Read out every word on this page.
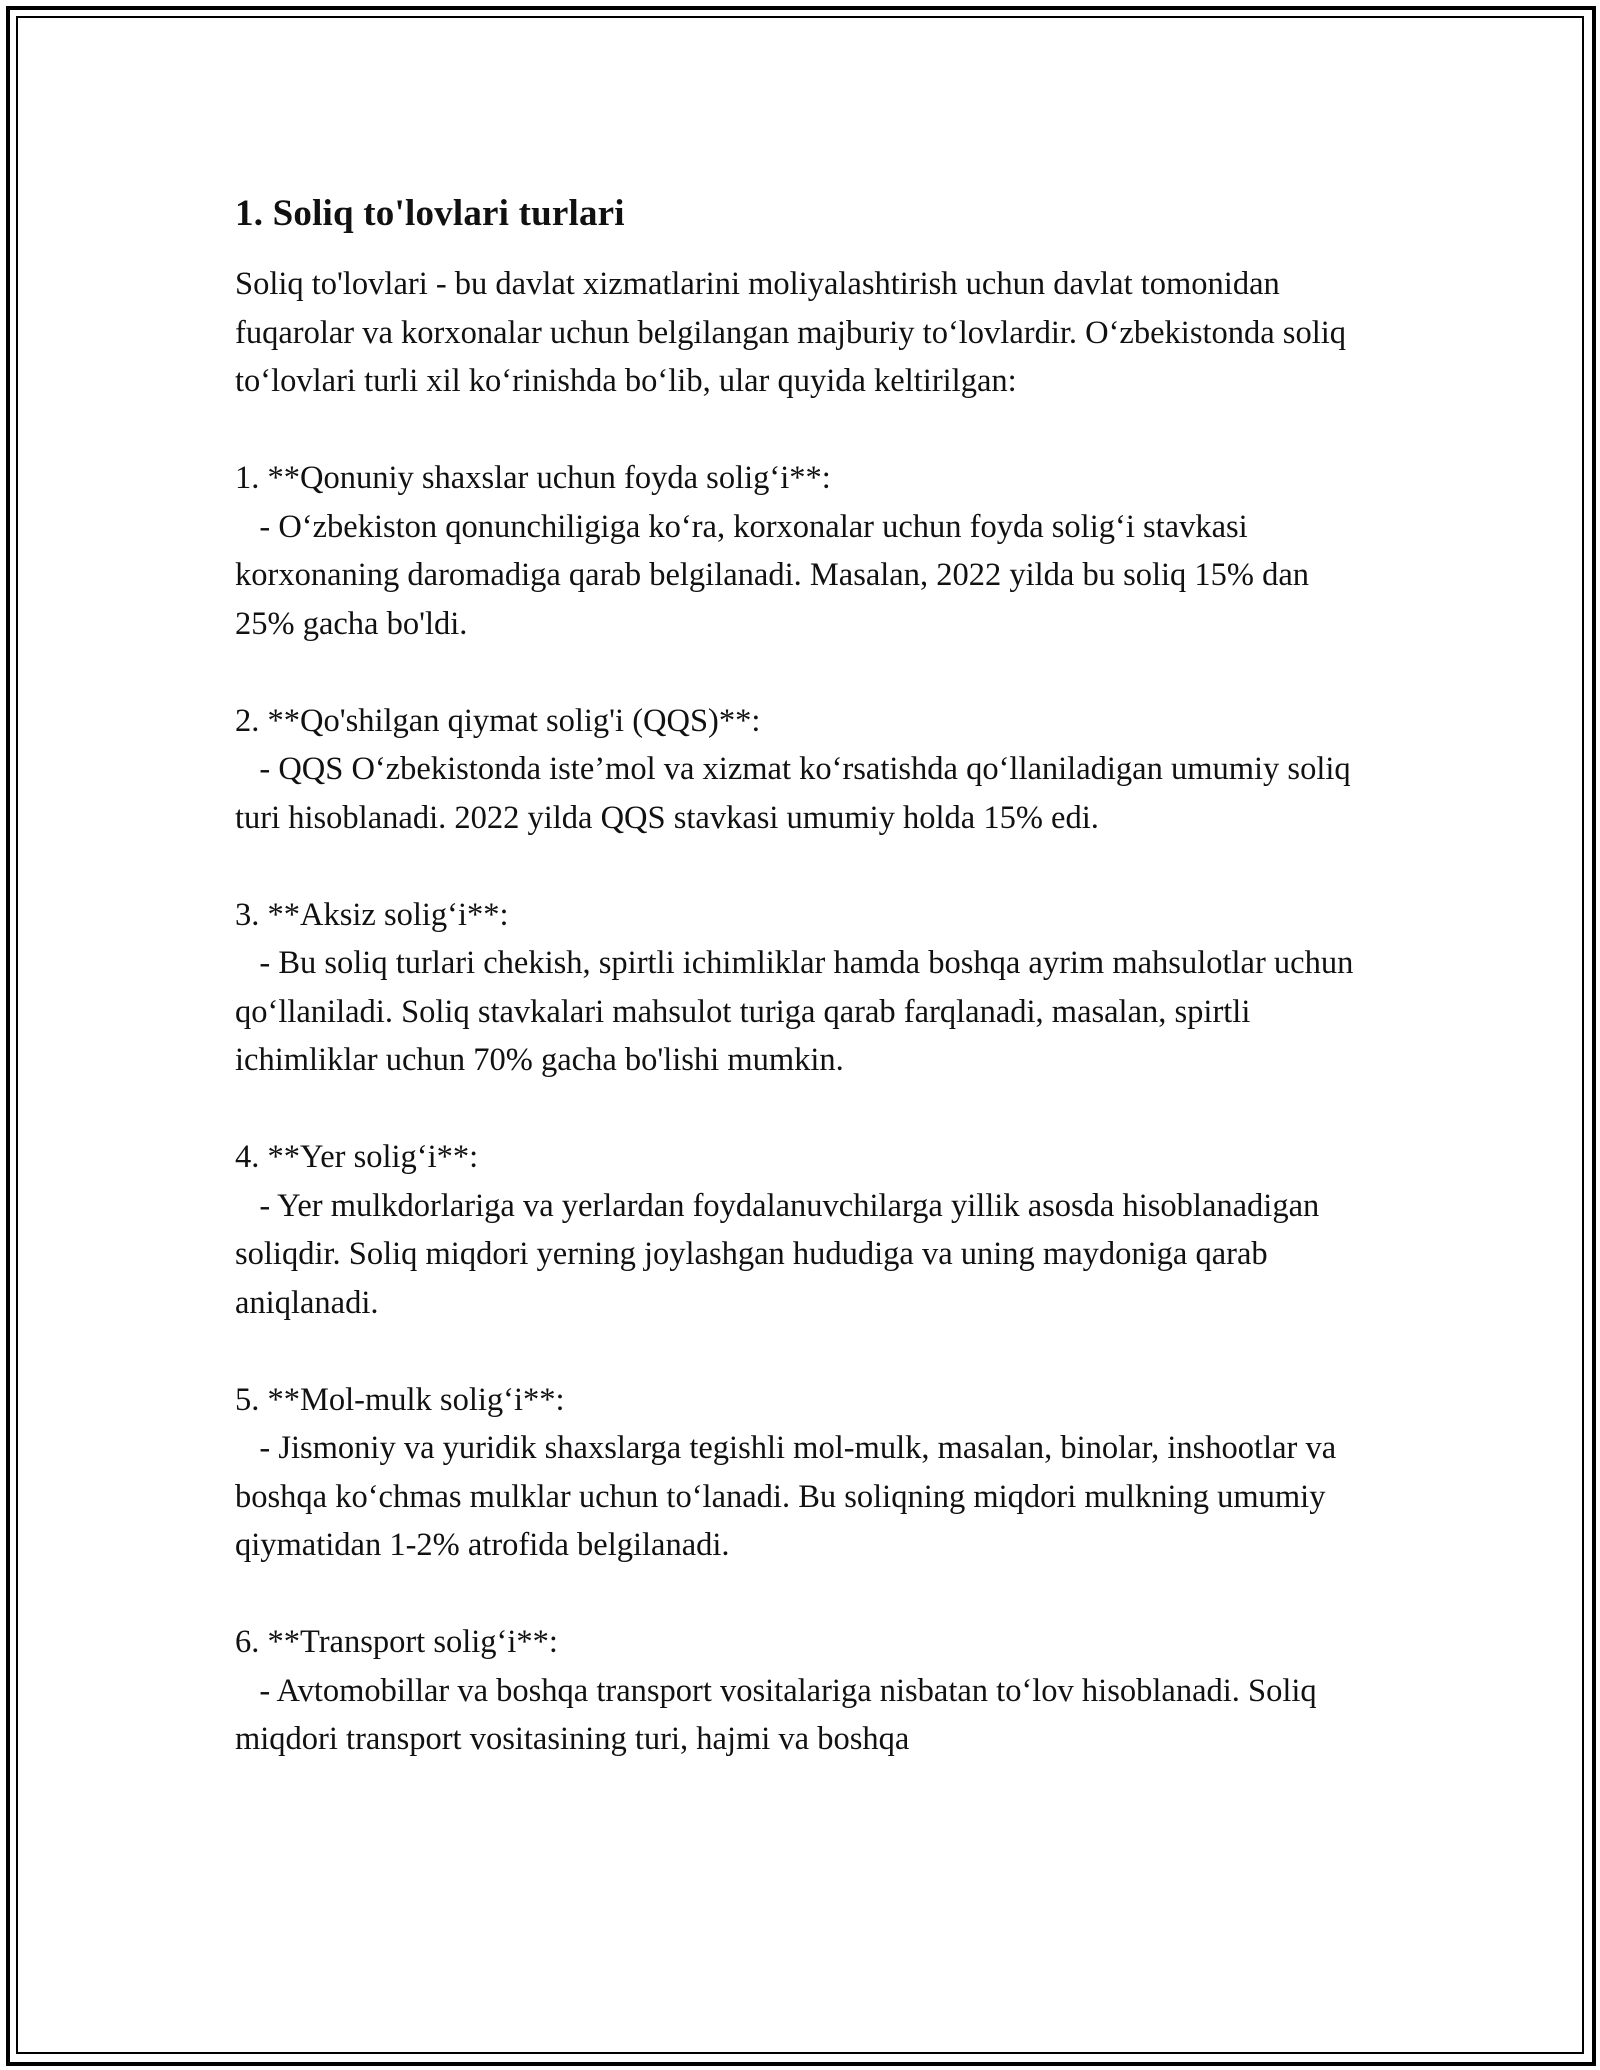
1. Soliq to'lovlari turlari

Soliq to'lovlari - bu davlat xizmatlarini moliyalashtirish uchun davlat tomonidan fuqarolar va korxonalar uchun belgilangan majburiy to‘lovlardir. O‘zbekistonda soliq to‘lovlari turli xil ko‘rinishda bo‘lib, ular quyida keltirilgan:

1. **Qonuniy shaxslar uchun foyda solig‘i**:

- O‘zbekiston qonunchiligiga ko‘ra, korxonalar uchun foyda solig‘i stavkasi korxonaning daromadiga qarab belgilanadi. Masalan, 2022 yilda bu soliq 15% dan 25% gacha bo'ldi.

2. **Qo'shilgan qiymat solig'i (QQS)**:

- QQS O‘zbekistonda iste’mol va xizmat ko‘rsatishda qo‘llaniladigan umumiy soliq turi hisoblanadi. 2022 yilda QQS stavkasi umumiy holda 15% edi.

3. **Aksiz solig‘i**:

- Bu soliq turlari chekish, spirtli ichimliklar hamda boshqa ayrim mahsulotlar uchun qo‘llaniladi. Soliq stavkalari mahsulot turiga qarab farqlanadi, masalan, spirtli ichimliklar uchun 70% gacha bo'lishi mumkin.

4. **Yer solig‘i**:

- Yer mulkdorlariga va yerlardan foydalanuvchilarga yillik asosda hisoblanadigan soliqdir. Soliq miqdori yerning joylashgan hududiga va uning maydoniga qarab aniqlanadi.

5. **Mol-mulk solig‘i**:

- Jismoniy va yuridik shaxslarga tegishli mol-mulk, masalan, binolar, inshootlar va boshqa ko‘chmas mulklar uchun to‘lanadi. Bu soliqning miqdori mulkning umumiy qiymatidan 1-2% atrofida belgilanadi.

6. **Transport solig‘i**:

- Avtomobillar va boshqa transport vositalariga nisbatan to‘lov hisoblanadi. Soliq miqdori transport vositasining turi, hajmi va boshqa
